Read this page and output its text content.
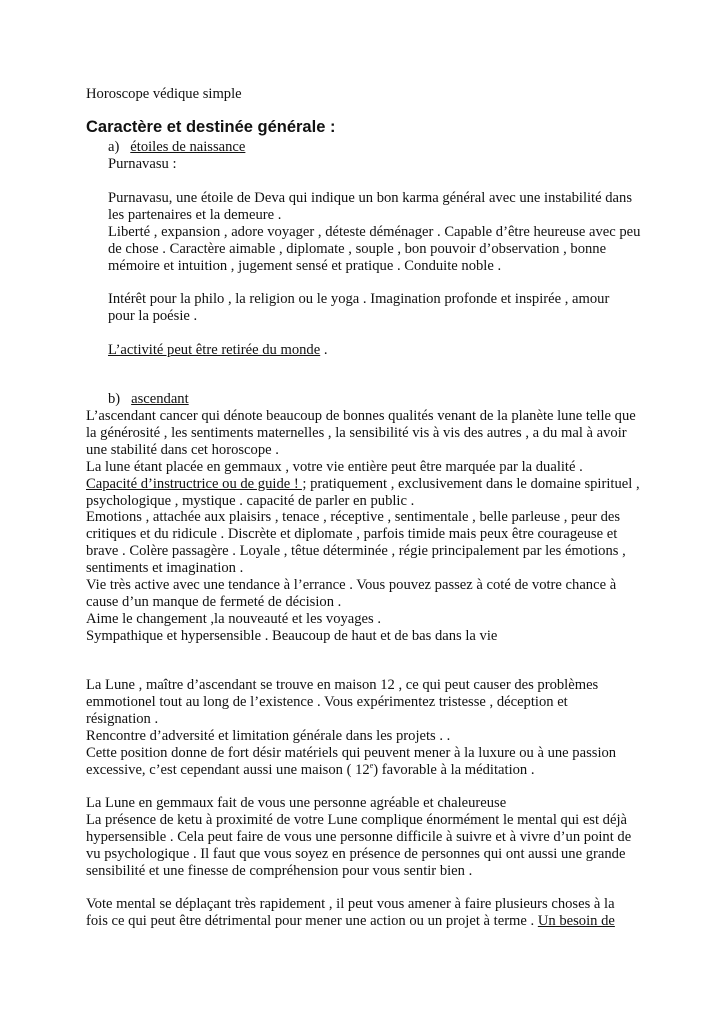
Horoscope védique simple

Caractère et destinée générale :

a) étoiles de naissance

Purnavasu :

Purnavasu, une étoile de Deva qui indique un bon karma général avec une instabilité dans les partenaires et la demeure .

Liberté , expansion , adore voyager , déteste déménager . Capable d’être heureuse avec peu de chose . Caractère aimable , diplomate , souple , bon pouvoir d’observation , bonne mémoire et intuition , jugement sensé et pratique . Conduite noble .

Intérêt pour la philo , la religion ou le yoga . Imagination profonde et inspirée , amour pour la poésie .

L’activité peut être retirée du monde .

b) ascendant

L’ascendant cancer qui dénote beaucoup de bonnes qualités venant de la planète lune telle que la générosité , les sentiments maternelles , la sensibilité vis à vis des autres , a du mal à avoir une stabilité dans cet horoscope .

La lune étant placée en gemmaux , votre vie entière peut être marquée par la dualité .

Capacité d’instructrice ou de guide ! ; pratiquement , exclusivement dans le domaine spirituel , psychologique , mystique . capacité de parler en public .

Emotions , attachée aux plaisirs , tenace , réceptive , sentimentale , belle parleuse , peur des critiques et du ridicule . Discrète et diplomate , parfois timide mais peux être courageuse et brave . Colère passagère . Loyale , têtue déterminée , régie principalement par les émotions , sentiments et imagination .

Vie très active avec une tendance à l’errance . Vous pouvez passez à coté de votre chance à cause d’un manque de fermeté de décision .

Aime le changement ,la nouveauté et les voyages .

Sympathique et hypersensible . Beaucoup de haut et de bas dans la vie

La Lune , maître d’ascendant se trouve en maison 12 , ce qui peut causer des problèmes emmotionel tout au long de l’existence . Vous expérimentez tristesse , déception et résignation .

Rencontre d’adversité et limitation générale dans les projets . .

Cette position donne de fort désir matériels qui peuvent mener à la luxure ou à une passion excessive, c’est cependant aussi une maison ( 12e) favorable à la méditation .

La Lune en gemmaux fait de vous une personne agréable et chaleureuse

La présence de ketu à proximité de votre Lune complique énormément le mental qui est déjà hypersensible . Cela peut faire de vous une personne difficile à suivre et à vivre d’un point de vu psychologique . Il faut que vous soyez en présence de personnes qui ont aussi une grande sensibilité et une finesse de compréhension pour vous sentir bien .

Vote mental se déplaçant très rapidement , il peut vous amener à faire plusieurs choses à la fois ce qui peut être détrimental pour mener une action ou un projet à terme . Un besoin de
